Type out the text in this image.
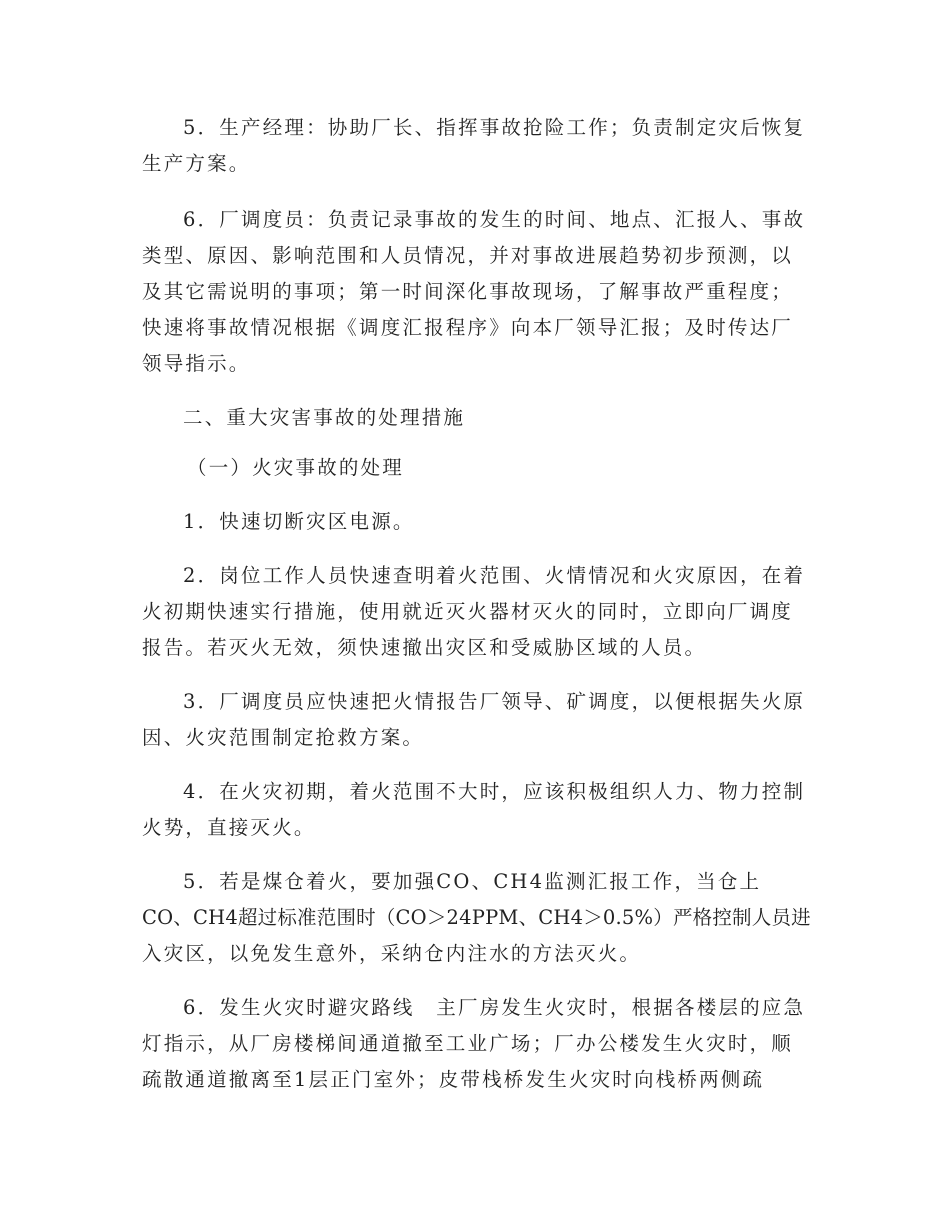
5．生产经理：协助厂长、指挥事故抢险工作；负责制定灾后恢复
生产方案。
6．厂调度员：负责记录事故的发生的时间、地点、汇报人、事故
类型、原因、影响范围和人员情况，并对事故进展趋势初步预测，以
及其它需说明的事项；第一时间深化事故现场，了解事故严重程度；
快速将事故情况根据《调度汇报程序》向本厂领导汇报；及时传达厂
领导指示。
二、重大灾害事故的处理措施
（一）火灾事故的处理
1．快速切断灾区电源。
2．岗位工作人员快速查明着火范围、火情情况和火灾原因，在着
火初期快速实行措施，使用就近灭火器材灭火的同时，立即向厂调度
报告。若灭火无效，须快速撤出灾区和受威胁区域的人员。
3．厂调度员应快速把火情报告厂领导、矿调度，以便根据失火原
因、火灾范围制定抢救方案。
4．在火灾初期，着火范围不大时，应该积极组织人力、物力控制
火势，直接灭火。
5．若是煤仓着火，要加强CO、CH4监测汇报工作，当仓上
CO、CH4超过标准范围时（CO＞24PPM、CH4＞0.5%）严格控制人员进
入灾区，以免发生意外，采纳仓内注水的方法灭火。
6．发生火灾时避灾路线　主厂房发生火灾时，根据各楼层的应急
灯指示，从厂房楼梯间通道撤至工业广场；厂办公楼发生火灾时，顺
疏散通道撤离至1层正门室外；皮带栈桥发生火灾时向栈桥两侧疏
